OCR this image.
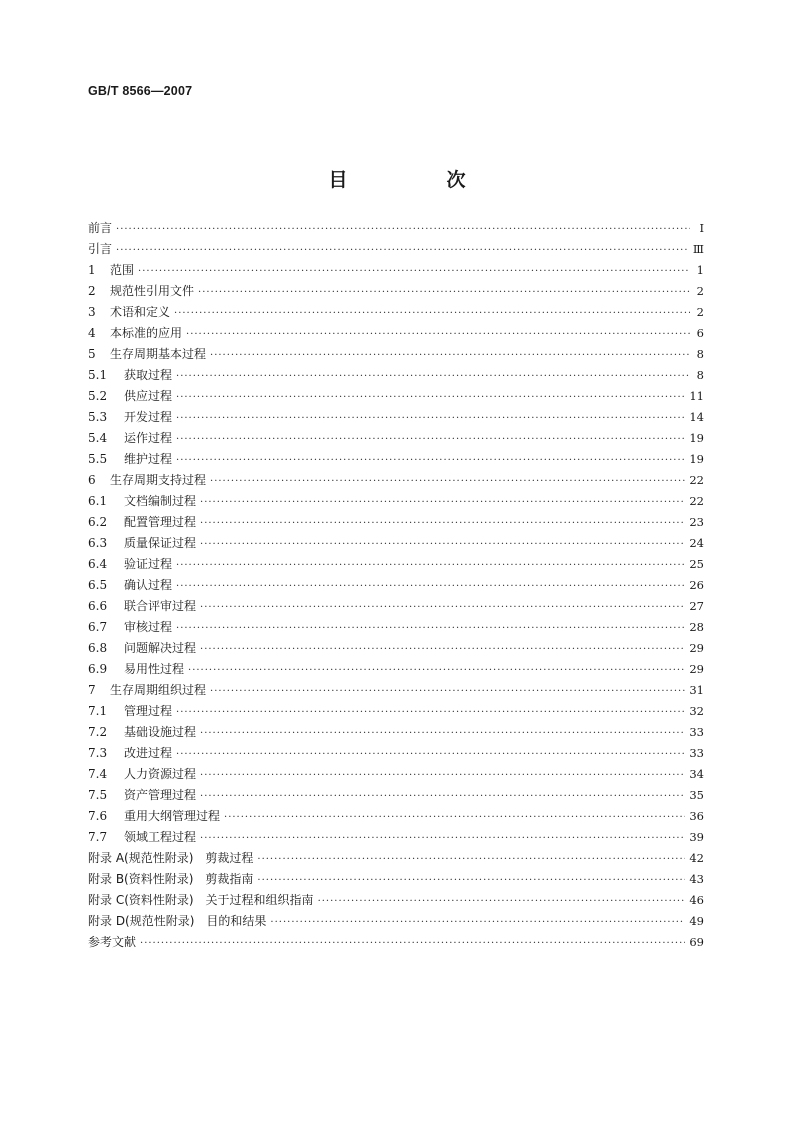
GB/T 8566—2007
目　次
前言 ·····	Ⅰ
引言 ·····	Ⅲ
1 范围 ·····	1
2 规范性引用文件 ·····	2
3 术语和定义 ·····	2
4 本标准的应用 ·····	6
5 生存周期基本过程 ·····	8
5.1 获取过程 ·····	8
5.2 供应过程 ·····	11
5.3 开发过程 ·····	14
5.4 运作过程 ·····	19
5.5 维护过程 ·····	19
6 生存周期支持过程 ·····	22
6.1 文档编制过程 ·····	22
6.2 配置管理过程 ·····	23
6.3 质量保证过程 ·····	24
6.4 验证过程 ·····	25
6.5 确认过程 ·····	26
6.6 联合评审过程 ·····	27
6.7 审核过程 ·····	28
6.8 问题解决过程 ·····	29
6.9 易用性过程 ·····	29
7 生存周期组织过程 ·····	31
7.1 管理过程 ·····	32
7.2 基础设施过程 ·····	33
7.3 改进过程 ·····	33
7.4 人力资源过程 ·····	34
7.5 资产管理过程 ·····	35
7.6 重用大纲管理过程 ·····	36
7.7 领域工程过程 ·····	39
附录 A(规范性附录)　剪裁过程 ·····	42
附录 B(资料性附录)　剪裁指南 ·····	43
附录 C(资料性附录)　关于过程和组织指南 ·····	46
附录 D(规范性附录)　目的和结果 ·····	49
参考文献 ·····	69
